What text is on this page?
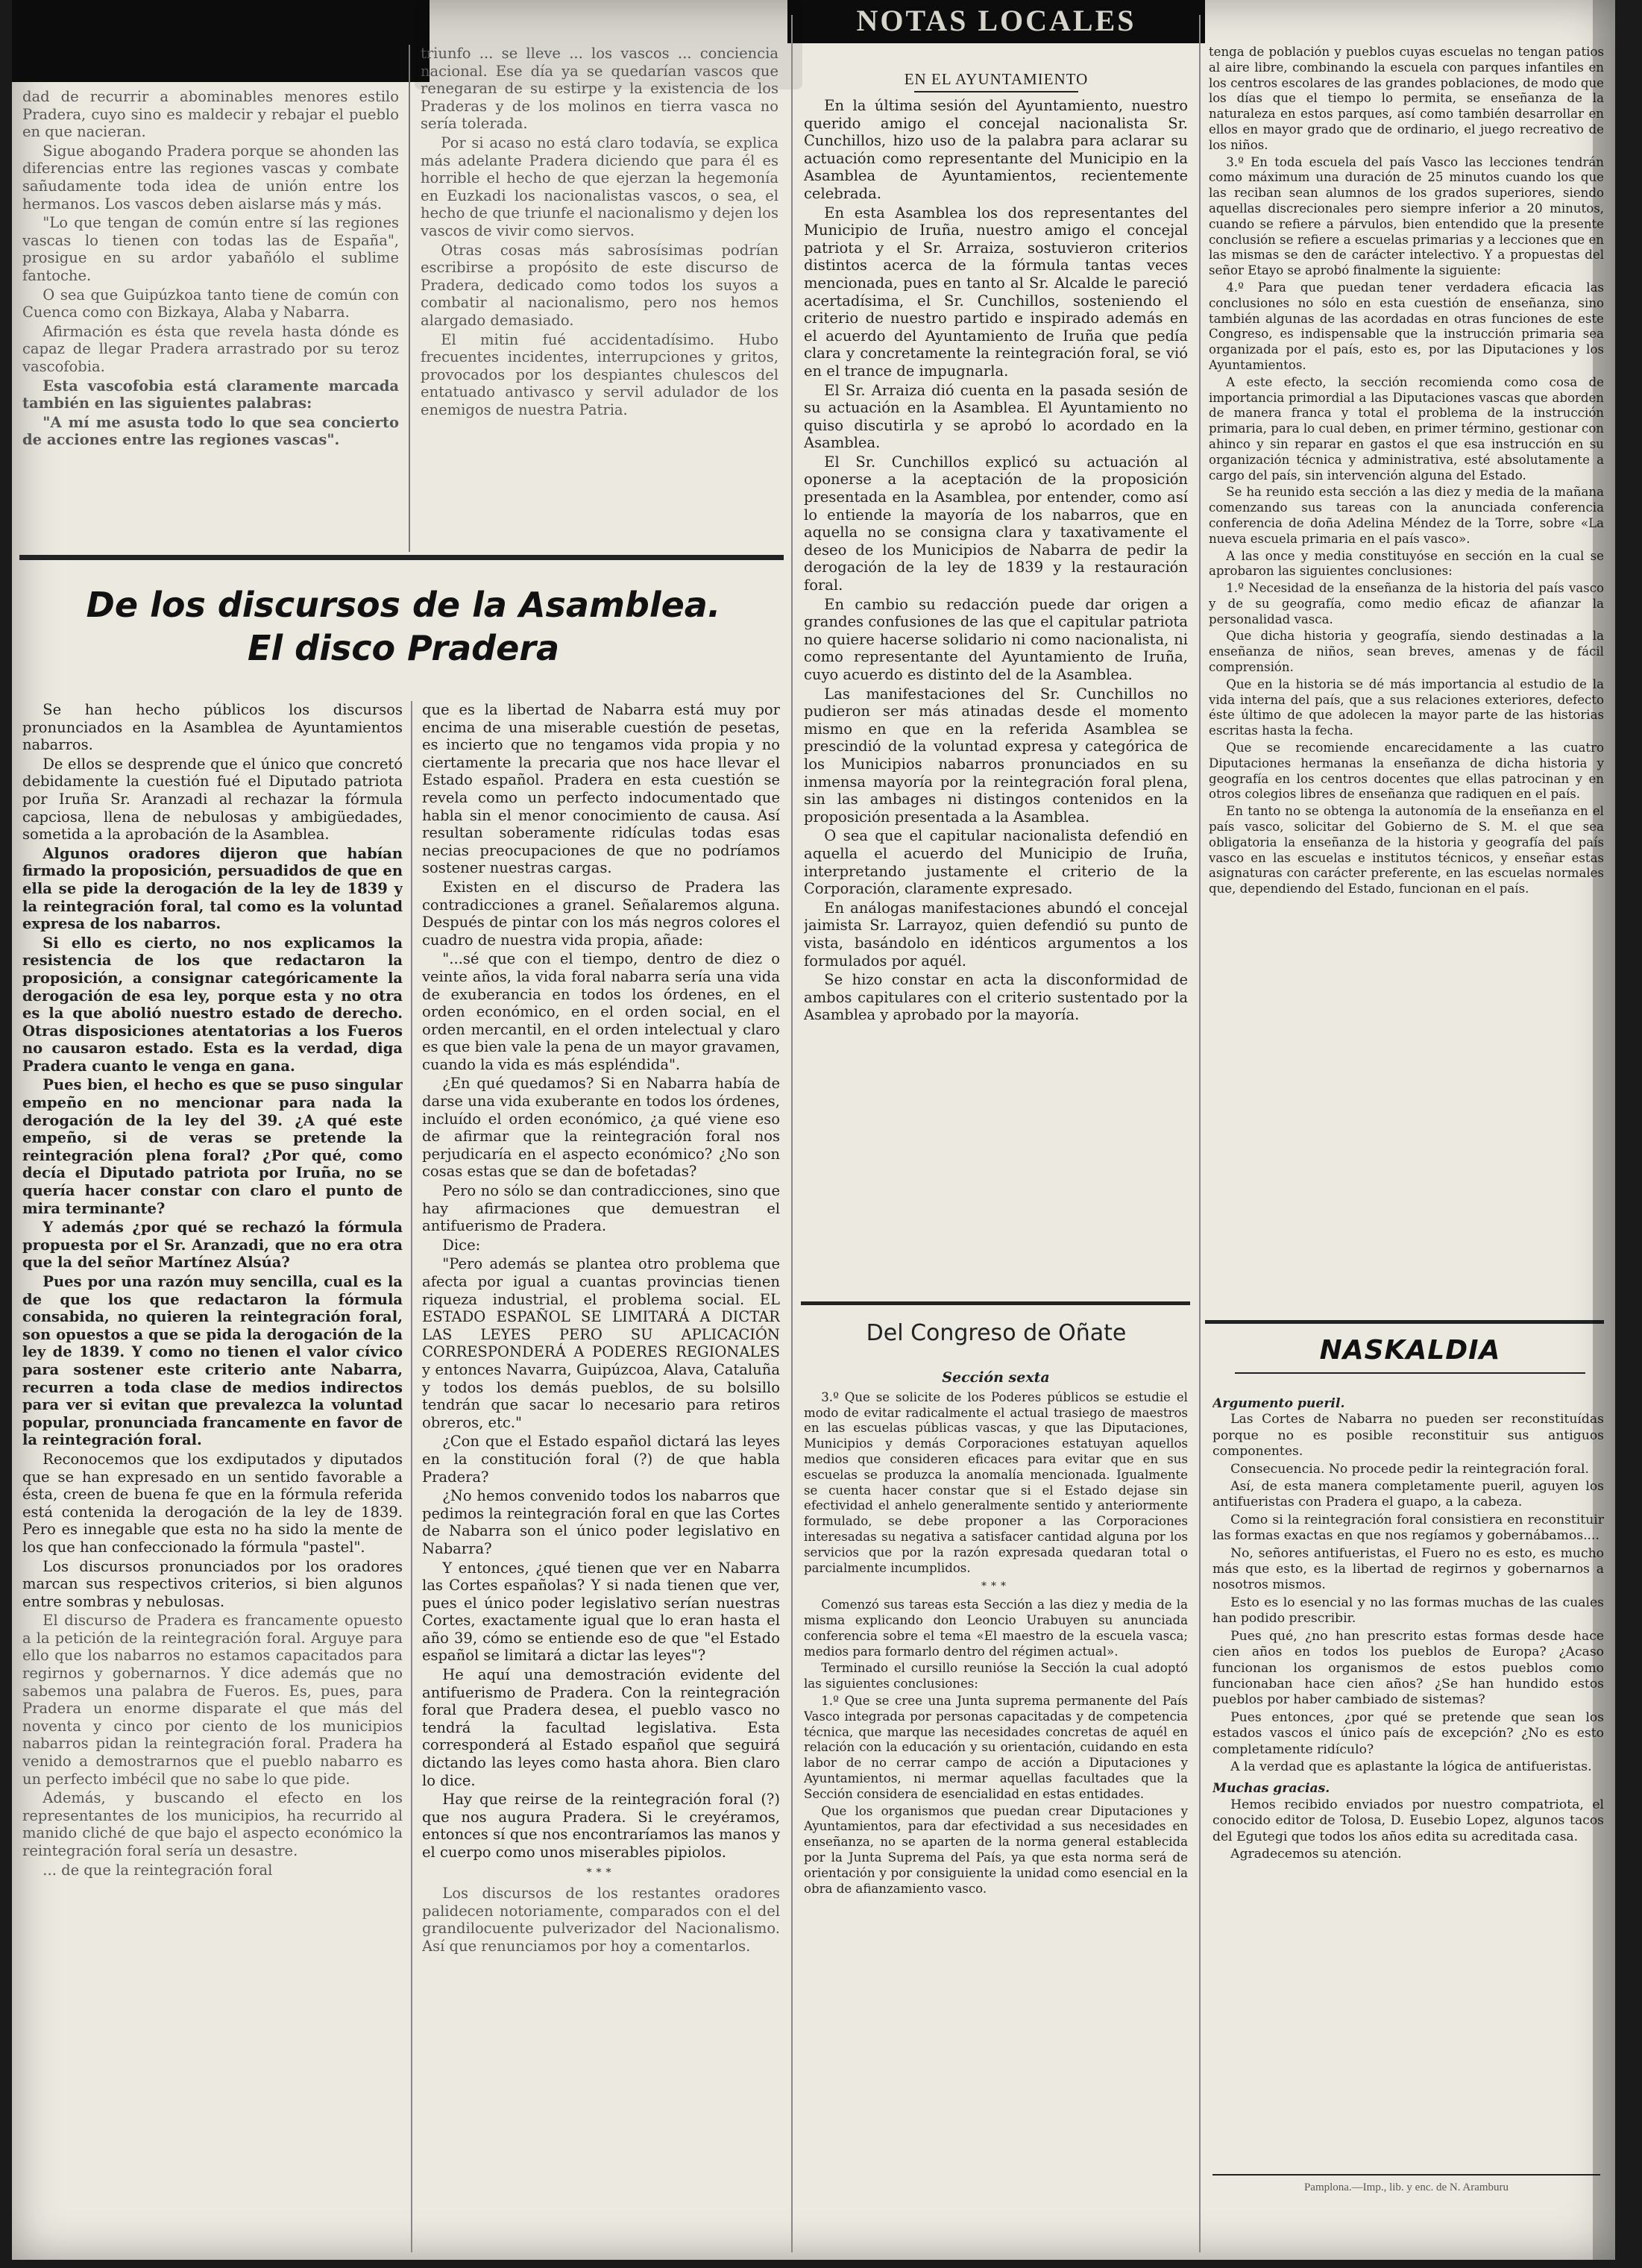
NOTAS LOCALES

dad de recurrir a abominables menores estilo Pradera, cuyo sino es maldecir y rebajar el pueblo en que nacieran.

Sigue abogando Pradera porque se ahonden las diferencias entre las regiones vascas y combate sañudamente toda idea de unión entre los hermanos. Los vascos deben aislarse más y más.

"Lo que tengan de común entre sí las regiones vascas lo tienen con todas las de España", prosigue en su ardor yabañólo el sublime fantoche.

O sea que Guipúzkoa tanto tiene de común con Cuenca como con Bizkaya, Alaba y Nabarra.

Afirmación es ésta que revela hasta dónde es capaz de llegar Pradera arrastrado por su teroz vascofobia.

Esta vascofobia está claramente marcada también en las siguientes palabras:

"A mí me asusta todo lo que sea concierto de acciones entre las regiones vascas".

triunfo ... se lleve ... los vascos ... conciencia nacional. Ese día ya se quedarían vascos que renegaran de su estirpe y la existencia de los Praderas y de los molinos en tierra vasca no sería tolerada.

Por si acaso no está claro todavía, se explica más adelante Pradera diciendo que para él es horrible el hecho de que ejerzan la hegemonía en Euzkadi los nacionalistas vascos, o sea, el hecho de que triunfe el nacionalismo y dejen los vascos de vivir como siervos.

Otras cosas más sabrosísimas podrían escribirse a propósito de este discurso de Pradera, dedicado como todos los suyos a combatir al nacionalismo, pero nos hemos alargado demasiado.

El mitin fué accidentadísimo. Hubo frecuentes incidentes, interrupciones y gritos, provocados por los despiantes chulescos del entatuado antivasco y servil adulador de los enemigos de nuestra Patria.

De los discursos de la Asamblea.
El disco Pradera

Se han hecho públicos los discursos pronunciados en la Asamblea de Ayuntamientos nabarros.

De ellos se desprende que el único que concretó debidamente la cuestión fué el Diputado patriota por Iruña Sr. Aranzadi al rechazar la fórmula capciosa, llena de nebulosas y ambigüedades, sometida a la aprobación de la Asamblea.

Algunos oradores dijeron que habían firmado la proposición, persuadidos de que en ella se pide la derogación de la ley de 1839 y la reintegración foral, tal como es la voluntad expresa de los nabarros.

Si ello es cierto, no nos explicamos la resistencia de los que redactaron la proposición, a consignar categóricamente la derogación de esa ley, porque esta y no otra es la que abolió nuestro estado de derecho. Otras disposiciones atentatorias a los Fueros no causaron estado. Esta es la verdad, diga Pradera cuanto le venga en gana.

Pues bien, el hecho es que se puso singular empeño en no mencionar para nada la derogación de la ley del 39. ¿A qué este empeño, si de veras se pretende la reintegración plena foral? ¿Por qué, como decía el Diputado patriota por Iruña, no se quería hacer constar con claro el punto de mira terminante?

Y además ¿por qué se rechazó la fórmula propuesta por el Sr. Aranzadi, que no era otra que la del señor Martínez Alsúa?

Pues por una razón muy sencilla, cual es la de que los que redactaron la fórmula consabida, no quieren la reintegración foral, son opuestos a que se pida la derogación de la ley de 1839. Y como no tienen el valor cívico para sostener este criterio ante Nabarra, recurren a toda clase de medios indirectos para ver si evitan que prevalezca la voluntad popular, pronunciada francamente en favor de la reintegración foral.

Reconocemos que los exdiputados y diputados que se han expresado en un sentido favorable a ésta, creen de buena fe que en la fórmula referida está contenida la derogación de la ley de 1839. Pero es innegable que esta no ha sido la mente de los que han confeccionado la fórmula "pastel".

Los discursos pronunciados por los oradores marcan sus respectivos criterios, si bien algunos entre sombras y nebulosas.

El discurso de Pradera es francamente opuesto a la petición de la reintegración foral. Arguye para ello que los nabarros no estamos capacitados para regirnos y gobernarnos. Y dice además que no sabemos una palabra de Fueros. Es, pues, para Pradera un enorme disparate el que más del noventa y cinco por ciento de los municipios nabarros pidan la reintegración foral. Pradera ha venido a demostrarnos que el pueblo nabarro es un perfecto imbécil que no sabe lo que pide.

Además, y buscando el efecto en los representantes de los municipios, ha recurrido al manido cliché de que bajo el aspecto económico la reintegración foral sería un desastre.

... de que la reintegración foral

que es la libertad de Nabarra está muy por encima de una miserable cuestión de pesetas, es incierto que no tengamos vida propia y no ciertamente la precaria que nos hace llevar el Estado español. Pradera en esta cuestión se revela como un perfecto indocumentado que habla sin el menor conocimiento de causa. Así resultan soberamente ridículas todas esas necias preocupaciones de que no podríamos sostener nuestras cargas.

Existen en el discurso de Pradera las contradicciones a granel. Señalaremos alguna. Después de pintar con los más negros colores el cuadro de nuestra vida propia, añade:

"...sé que con el tiempo, dentro de diez o veinte años, la vida foral nabarra sería una vida de exuberancia en todos los órdenes, en el orden económico, en el orden social, en el orden mercantil, en el orden intelectual y claro es que bien vale la pena de un mayor gravamen, cuando la vida es más espléndida".

¿En qué quedamos? Si en Nabarra había de darse una vida exuberante en todos los órdenes, incluído el orden económico, ¿a qué viene eso de afirmar que la reintegración foral nos perjudicaría en el aspecto económico? ¿No son cosas estas que se dan de bofetadas?

Pero no sólo se dan contradicciones, sino que hay afirmaciones que demuestran el antifuerismo de Pradera.

Dice:

"Pero además se plantea otro problema que afecta por igual a cuantas provincias tienen riqueza industrial, el problema social. EL ESTADO ESPAÑOL SE LIMITARÁ A DICTAR LAS LEYES PERO SU APLICACIÓN CORRESPONDERÁ A PODERES REGIONALES y entonces Navarra, Guipúzcoa, Alava, Cataluña y todos los demás pueblos, de su bolsillo tendrán que sacar lo necesario para retiros obreros, etc."

¿Con que el Estado español dictará las leyes en la constitución foral (?) de que habla Pradera?

¿No hemos convenido todos los nabarros que pedimos la reintegración foral en que las Cortes de Nabarra son el único poder legislativo en Nabarra?

Y entonces, ¿qué tienen que ver en Nabarra las Cortes españolas? Y si nada tienen que ver, pues el único poder legislativo serían nuestras Cortes, exactamente igual que lo eran hasta el año 39, cómo se entiende eso de que "el Estado español se limitará a dictar las leyes"?

He aquí una demostración evidente del antifuerismo de Pradera. Con la reintegración foral que Pradera desea, el pueblo vasco no tendrá la facultad legislativa. Esta corresponderá al Estado español que seguirá dictando las leyes como hasta ahora. Bien claro lo dice.

Hay que reirse de la reintegración foral (?) que nos augura Pradera. Si le creyéramos, entonces sí que nos encontraríamos las manos y el cuerpo como unos miserables pipiolos.

***

Los discursos de los restantes oradores palidecen notoriamente, comparados con el del grandilocuente pulverizador del Nacionalismo. Así que renunciamos por hoy a comentarlos.

EN EL AYUNTAMIENTO

En la última sesión del Ayuntamiento, nuestro querido amigo el concejal nacionalista Sr. Cunchillos, hizo uso de la palabra para aclarar su actuación como representante del Municipio en la Asamblea de Ayuntamientos, recientemente celebrada.

En esta Asamblea los dos representantes del Municipio de Iruña, nuestro amigo el concejal patriota y el Sr. Arraiza, sostuvieron criterios distintos acerca de la fórmula tantas veces mencionada, pues en tanto al Sr. Alcalde le pareció acertadísima, el Sr. Cunchillos, sosteniendo el criterio de nuestro partido e inspirado además en el acuerdo del Ayuntamiento de Iruña que pedía clara y concretamente la reintegración foral, se vió en el trance de impugnarla.

El Sr. Arraiza dió cuenta en la pasada sesión de su actuación en la Asamblea. El Ayuntamiento no quiso discutirla y se aprobó lo acordado en la Asamblea.

El Sr. Cunchillos explicó su actuación al oponerse a la aceptación de la proposición presentada en la Asamblea, por entender, como así lo entiende la mayoría de los nabarros, que en aquella no se consigna clara y taxativamente el deseo de los Municipios de Nabarra de pedir la derogación de la ley de 1839 y la restauración foral.

En cambio su redacción puede dar origen a grandes confusiones de las que el capitular patriota no quiere hacerse solidario ni como nacionalista, ni como representante del Ayuntamiento de Iruña, cuyo acuerdo es distinto del de la Asamblea.

Las manifestaciones del Sr. Cunchillos no pudieron ser más atinadas desde el momento mismo en que en la referida Asamblea se prescindió de la voluntad expresa y categórica de los Municipios nabarros pronunciados en su inmensa mayoría por la reintegración foral plena, sin las ambages ni distingos contenidos en la proposición presentada a la Asamblea.

O sea que el capitular nacionalista defendió en aquella el acuerdo del Municipio de Iruña, interpretando justamente el criterio de la Corporación, claramente expresado.

En análogas manifestaciones abundó el concejal jaimista Sr. Larrayoz, quien defendió su punto de vista, basándolo en idénticos argumentos a los formulados por aquél.

Se hizo constar en acta la disconformidad de ambos capitulares con el criterio sustentado por la Asamblea y aprobado por la mayoría.

Del Congreso de Oñate
Sección sexta

3.º Que se solicite de los Poderes públicos se estudie el modo de evitar radicalmente el actual trasiego de maestros en las escuelas públicas vascas, y que las Diputaciones, Municipios y demás Corporaciones estatuyan aquellos medios que consideren eficaces para evitar que en sus escuelas se produzca la anomalía mencionada. Igualmente se cuenta hacer constar que si el Estado dejase sin efectividad el anhelo generalmente sentido y anteriormente formulado, se debe proponer a las Corporaciones interesadas su negativa a satisfacer cantidad alguna por los servicios que por la razón expresada quedaran total o parcialmente incumplidos.

***

Comenzó sus tareas esta Sección a las diez y media de la misma explicando don Leoncio Urabuyen su anunciada conferencia sobre el tema «El maestro de la escuela vasca; medios para formarlo dentro del régimen actual».

Terminado el cursillo reunióse la Sección la cual adoptó las siguientes conclusiones:

1.º Que se cree una Junta suprema permanente del País Vasco integrada por personas capacitadas y de competencia técnica, que marque las necesidades concretas de aquél en relación con la educación y su orientación, cuidando en esta labor de no cerrar campo de acción a Diputaciones y Ayuntamientos, ni mermar aquellas facultades que la Sección considera de esencialidad en estas entidades.

Que los organismos que puedan crear Diputaciones y Ayuntamientos, para dar efectividad a sus necesidades en enseñanza, no se aparten de la norma general establecida por la Junta Suprema del País, ya que esta norma será de orientación y por consiguiente la unidad como esencial en la obra de afianzamiento vasco.

tenga de población y pueblos cuyas escuelas no tengan patios al aire libre, combinando la escuela con parques infantiles en los centros escolares de las grandes poblaciones, de modo que los días que el tiempo lo permita, se enseñanza de la naturaleza en estos parques, así como también desarrollar en ellos en mayor grado que de ordinario, el juego recreativo de los niños.

3.º En toda escuela del país Vasco las lecciones tendrán como máximum una duración de 25 minutos cuando los que las reciban sean alumnos de los grados superiores, siendo aquellas discrecionales pero siempre inferior a 20 minutos, cuando se refiere a párvulos, bien entendido que la presente conclusión se refiere a escuelas primarias y a lecciones que en las mismas se den de carácter intelectivo. Y a propuestas del señor Etayo se aprobó finalmente la siguiente:

4.º Para que puedan tener verdadera eficacia las conclusiones no sólo en esta cuestión de enseñanza, sino también algunas de las acordadas en otras funciones de este Congreso, es indispensable que la instrucción primaria sea organizada por el país, esto es, por las Diputaciones y los Ayuntamientos.

A este efecto, la sección recomienda como cosa de importancia primordial a las Diputaciones vascas que aborden de manera franca y total el problema de la instrucción primaria, para lo cual deben, en primer término, gestionar con ahinco y sin reparar en gastos el que esa instrucción en su organización técnica y administrativa, esté absolutamente a cargo del país, sin intervención alguna del Estado.

Se ha reunido esta sección a las diez y media de la mañana comenzando sus tareas con la anunciada conferencia conferencia de doña Adelina Méndez de la Torre, sobre «La nueva escuela primaria en el país vasco».

A las once y media constituyóse en sección en la cual se aprobaron las siguientes conclusiones:

1.º Necesidad de la enseñanza de la historia del país vasco y de su geografía, como medio eficaz de afianzar la personalidad vasca.

Que dicha historia y geografía, siendo destinadas a la enseñanza de niños, sean breves, amenas y de fácil comprensión.

Que en la historia se dé más importancia al estudio de la vida interna del país, que a sus relaciones exteriores, defecto éste último de que adolecen la mayor parte de las historias escritas hasta la fecha.

Que se recomiende encarecidamente a las cuatro Diputaciones hermanas la enseñanza de dicha historia y geografía en los centros docentes que ellas patrocinan y en otros colegios libres de enseñanza que radiquen en el país.

En tanto no se obtenga la autonomía de la enseñanza en el país vasco, solicitar del Gobierno de S. M. el que sea obligatoria la enseñanza de la historia y geografía del país vasco en las escuelas e institutos técnicos, y enseñar estas asignaturas con carácter preferente, en las escuelas normales que, dependiendo del Estado, funcionan en el país.

NASKALDIA
Argumento pueril.

Las Cortes de Nabarra no pueden ser reconstituídas porque no es posible reconstituir sus antiguos componentes.

Consecuencia. No procede pedir la reintegración foral.

Así, de esta manera completamente pueril, aguyen los antifueristas con Pradera el guapo, a la cabeza.

Como si la reintegración foral consistiera en reconstituir las formas exactas en que nos regíamos y gobernábamos....

No, señores antifueristas, el Fuero no es esto, es mucho más que esto, es la libertad de regirnos y gobernarnos a nosotros mismos.

Esto es lo esencial y no las formas muchas de las cuales han podido prescribir.

Pues qué, ¿no han prescrito estas formas desde hace cien años en todos los pueblos de Europa? ¿Acaso funcionan los organismos de estos pueblos como funcionaban hace cien años? ¿Se han hundido estos pueblos por haber cambiado de sistemas?

Pues entonces, ¿por qué se pretende que sean los estados vascos el único país de excepción? ¿No es esto completamente ridículo?

A la verdad que es aplastante la lógica de antifueristas.

Muchas gracias.

Hemos recibido enviados por nuestro compatriota, el conocido editor de Tolosa, D. Eusebio Lopez, algunos tacos del Egutegi que todos los años edita su acreditada casa.

Agradecemos su atención.

Pamplona.—Imp., lib. y enc. de N. Aramburu
